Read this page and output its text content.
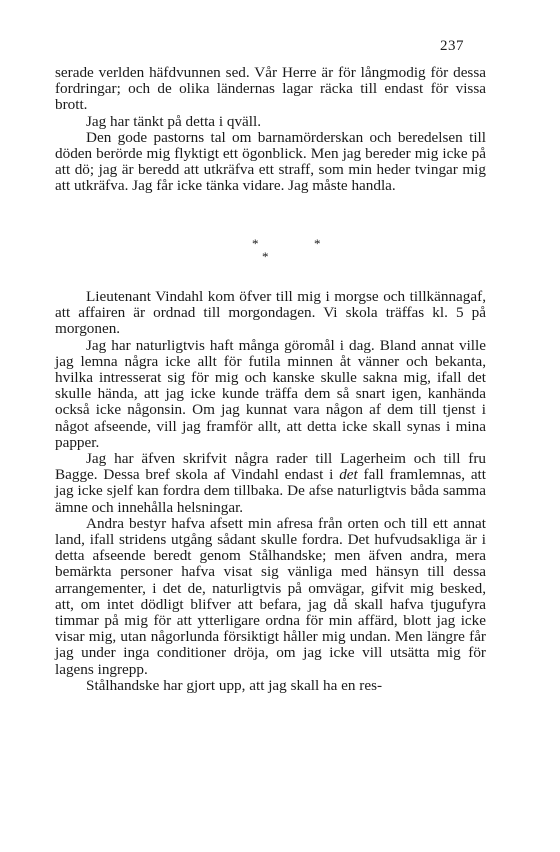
237

serade verlden häfdvunnen sed. Vår Herre är för långmodig för dessa fordringar; och de olika ländernas lagar räcka till endast för vissa brott.

Jag har tänkt på detta i qväll.

Den gode pastorns tal om barnamörderskan och beredelsen till döden berörde mig flyktigt ett ögonblick. Men jag bereder mig icke på att dö; jag är beredd att utkräfva ett straff, som min heder tvingar mig att utkräfva. Jag får icke tänka vidare. Jag måste handla.

*	*
*

Lieutenant Vindahl kom öfver till mig i morgse och tillkännagaf, att affairen är ordnad till morgondagen. Vi skola träffas kl. 5 på morgonen.

Jag har naturligtvis haft många göromål i dag. Bland annat ville jag lemna några icke allt för futila minnen åt vänner och bekanta, hvilka intresserat sig för mig och kanske skulle sakna mig, ifall det skulle hända, att jag icke kunde träffa dem så snart igen, kanhända också icke någonsin. Om jag kunnat vara någon af dem till tjenst i något afseende, vill jag framför allt, att detta icke skall synas i mina papper.

Jag har äfven skrifvit några rader till Lagerheim och till fru Bagge. Dessa bref skola af Vindahl endast i det fall framlemnas, att jag icke sjelf kan fordra dem tillbaka. De afse naturligtvis båda samma ämne och innehålla helsningar.

Andra bestyr hafva afsett min afresa från orten och till ett annat land, ifall stridens utgång sådant skulle fordra. Det hufvudsakliga är i detta afseende beredt genom Stålhandske; men äfven andra, mera bemärkta personer hafva visat sig vänliga med hänsyn till dessa arrangementer, i det de, naturligtvis på omvägar, gifvit mig besked, att, om intet dödligt blifver att befara, jag då skall hafva tjugufyra timmar på mig för att ytterligare ordna för min affärd, blott jag icke visar mig, utan någorlunda försiktigt håller mig undan. Men längre får jag under inga conditioner dröja, om jag icke vill utsätta mig för lagens ingrepp.

Stålhandske har gjort upp, att jag skall ha en res-
